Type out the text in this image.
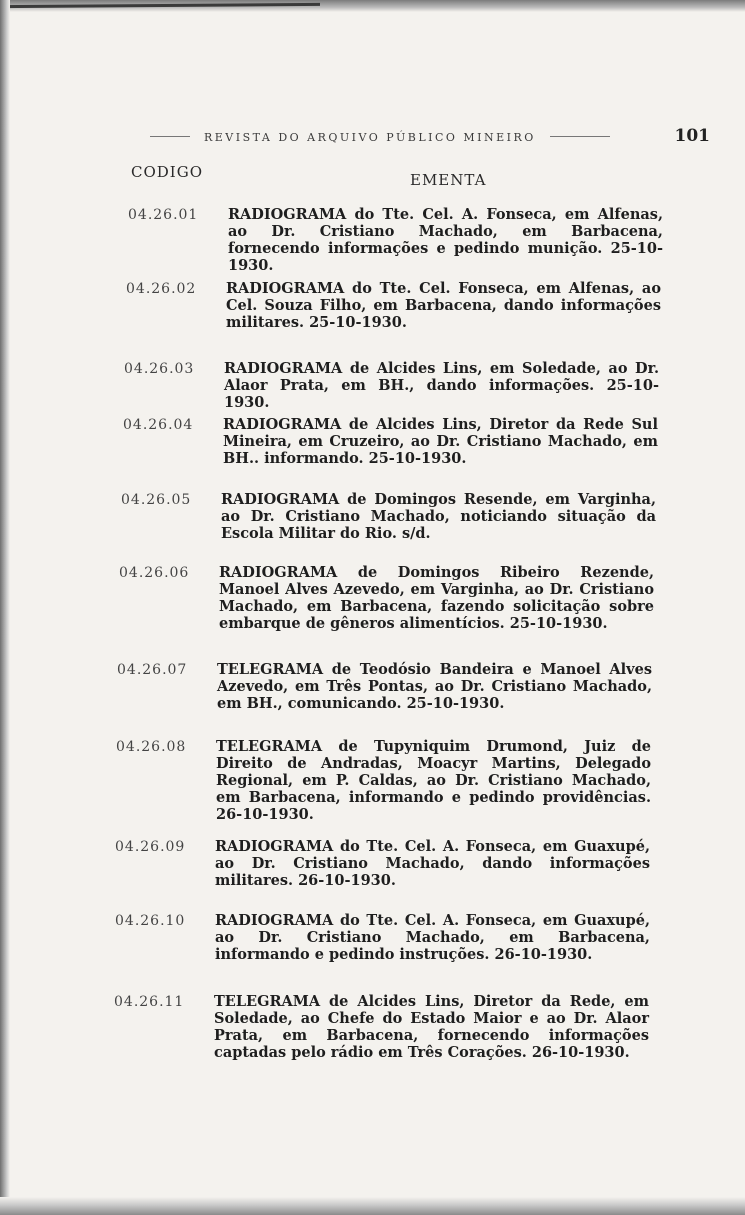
REVISTA DO ARQUIVO PÚBLICO MINEIRO	101
CODIGO	EMENTA
04.26.01	RADIOGRAMA do Tte. Cel. A. Fonseca, em Alfenas, ao Dr. Cristiano Machado, em Barbacena, fornecendo informações e pedindo munição. 25-10-1930.
04.26.02	RADIOGRAMA do Tte. Cel. Fonseca, em Alfenas, ao Cel. Souza Filho, em Barbacena, dando informações militares. 25-10-1930.
04.26.03	RADIOGRAMA de Alcides Lins, em Soledade, ao Dr. Alaor Prata, em BH., dando informações. 25-10-1930.
04.26.04	RADIOGRAMA de Alcides Lins, Diretor da Rede Sul Mineira, em Cruzeiro, ao Dr. Cristiano Machado, em BH.. informando. 25-10-1930.
04.26.05	RADIOGRAMA de Domingos Resende, em Varginha, ao Dr. Cristiano Machado, noticiando situação da Escola Militar do Rio. s/d.
04.26.06	RADIOGRAMA de Domingos Ribeiro Rezende, Manoel Alves Azevedo, em Varginha, ao Dr. Cristiano Machado, em Barbacena, fazendo solicitação sobre embarque de gêneros alimentícios. 25-10-1930.
04.26.07	TELEGRAMA de Teodósio Bandeira e Manoel Alves Azevedo, em Três Pontas, ao Dr. Cristiano Machado, em BH., comunicando. 25-10-1930.
04.26.08	TELEGRAMA de Tupyniquim Drumond, Juiz de Direito de Andradas, Moacyr Martins, Delegado Regional, em P. Caldas, ao Dr. Cristiano Machado, em Barbacena, informando e pedindo providências. 26-10-1930.
04.26.09	RADIOGRAMA do Tte. Cel. A. Fonseca, em Guaxupé, ao Dr. Cristiano Machado, dando informações militares. 26-10-1930.
04.26.10	RADIOGRAMA do Tte. Cel. A. Fonseca, em Guaxupé, ao Dr. Cristiano Machado, em Barbacena, informando e pedindo instruções. 26-10-1930.
04.26.11	TELEGRAMA de Alcides Lins, Diretor da Rede, em Soledade, ao Chefe do Estado Maior e ao Dr. Alaor Prata, em Barbacena, fornecendo informações captadas pelo rádio em Três Corações. 26-10-1930.
